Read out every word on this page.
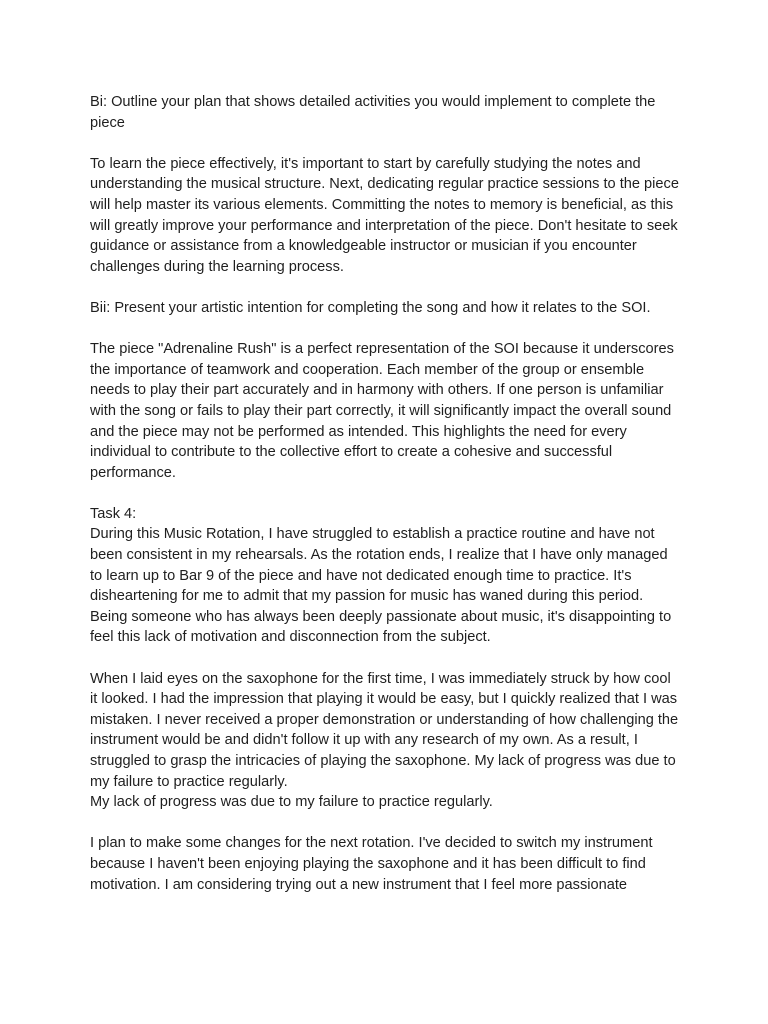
Bi: Outline your plan that shows detailed activities you would implement to complete the piece

To learn the piece effectively, it's important to start by carefully studying the notes and understanding the musical structure. Next, dedicating regular practice sessions to the piece will help master its various elements. Committing the notes to memory is beneficial, as this will greatly improve your performance and interpretation of the piece. Don't hesitate to seek guidance or assistance from a knowledgeable instructor or musician if you encounter challenges during the learning process.

Bii: Present your artistic intention for completing the song and how it relates to the SOI.

The piece "Adrenaline Rush" is a perfect representation of the SOI because it underscores the importance of teamwork and cooperation. Each member of the group or ensemble needs to play their part accurately and in harmony with others. If one person is unfamiliar with the song or fails to play their part correctly, it will significantly impact the overall sound and the piece may not be performed as intended. This highlights the need for every individual to contribute to the collective effort to create a cohesive and successful performance.

Task 4:

During this Music Rotation, I have struggled to establish a practice routine and have not been consistent in my rehearsals. As the rotation ends, I realize that I have only managed to learn up to Bar 9 of the piece and have not dedicated enough time to practice. It's disheartening for me to admit that my passion for music has waned during this period. Being someone who has always been deeply passionate about music, it's disappointing to feel this lack of motivation and disconnection from the subject.

When I laid eyes on the saxophone for the first time, I was immediately struck by how cool it looked. I had the impression that playing it would be easy, but I quickly realized that I was mistaken. I never received a proper demonstration or understanding of how challenging the instrument would be and didn't follow it up with any research of my own. As a result, I struggled to grasp the intricacies of playing the saxophone. My lack of progress was due to my failure to practice regularly.

My lack of progress was due to my failure to practice regularly.

I plan to make some changes for the next rotation. I've decided to switch my instrument because I haven't been enjoying playing the saxophone and it has been difficult to find motivation. I am considering trying out a new instrument that I feel more passionate
